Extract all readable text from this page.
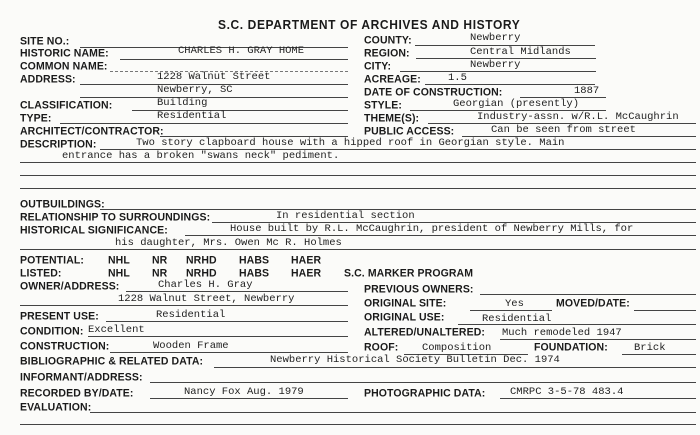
S.C. DEPARTMENT OF ARCHIVES AND HISTORY
SITE NO.:	COUNTY:	Newberry
HISTORIC NAME:	CHARLES H. GRAY HOME	REGION:	Central Midlands
COMMON NAME:	CITY:	Newberry
ADDRESS:	1228 Walnut Street
Newberry, SC
ACREAGE:	1.5
DATE OF CONSTRUCTION:	1887
CLASSIFICATION:	Building	STYLE:	Georgian (presently)
TYPE:	Residential	THEME(S):	Industry-assn. w/R.L. McCaughrin
ARCHITECT/CONTRACTOR:	PUBLIC ACCESS:	Can be seen from street
DESCRIPTION:	Two story clapboard house with a hipped roof in Georgian style. Main
entrance has a broken "swans neck" pediment.
OUTBUILDINGS:
RELATIONSHIP TO SURROUNDINGS:	In residential section
HISTORICAL SIGNIFICANCE:	House built by R.L. McCaughrin, president of Newberry Mills, for
his daughter, Mrs. Owen Mc R. Holmes
POTENTIAL: NHL NR NRHD HABS HAER
LISTED:	NHL NR NRHD HABS HAER S.C. MARKER PROGRAM
OWNER/ADDRESS:	Charles H. Gray
1228 Walnut Street, Newberry
PREVIOUS OWNERS:
ORIGINAL SITE:	Yes	MOVED/DATE:
PRESENT USE:	Residential	ORIGINAL USE:	Residential
CONDITION: Excellent	ALTERED/UNALTERED: Much remodeled 1947
CONSTRUCTION:	Wooden Frame	ROOF: Composition	FOUNDATION: Brick
BIBLIOGRAPHIC & RELATED DATA:	Newberry Historical Society Bulletin Dec. 1974
INFORMANT/ADDRESS:
RECORDED BY/DATE:	Nancy Fox Aug. 1979	PHOTOGRAPHIC DATA: CMRPC 3-5-78 483.4
EVALUATION:
